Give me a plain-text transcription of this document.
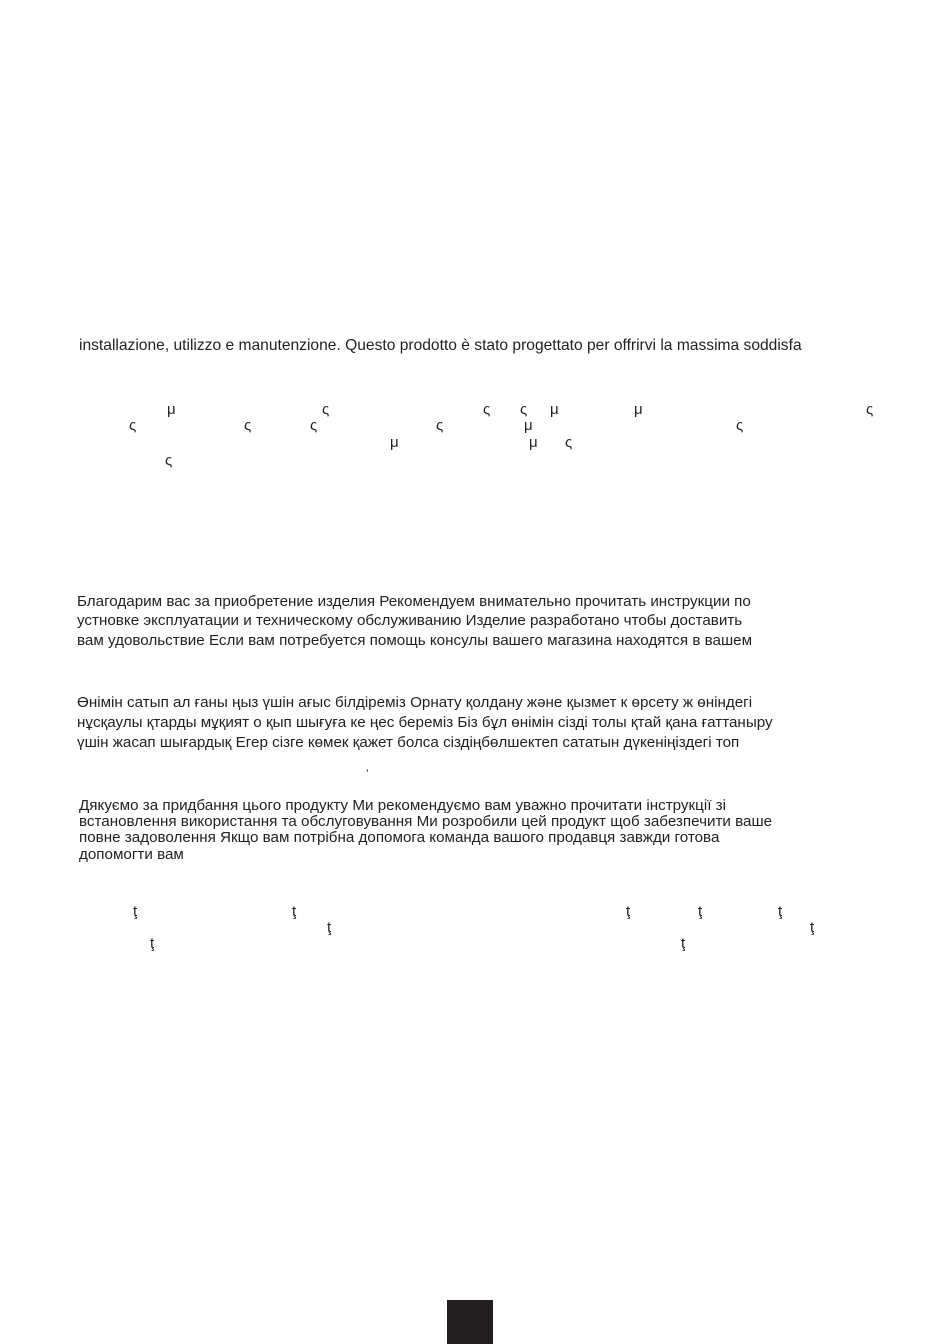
installazione, utilizzo e manutenzione. Questo prodotto è stato progettato per offrirvi la massima soddisfa
μ	ς	ς ς μ	μ	ς
ς	ς	ς	ς	μ	ς
μ	μ ς
ς
Благодарим вас за приобретение изделия Рекомендуем внимательно прочитать инструкции по
устновке эксплуатации и техническому обслуживанию Изделие разработано чтобы доставить
вам удовольствие Если вам потребуется помощь консулы вашего магазина находятся в вашем
Өнімін сатып ал ғаны ңыз үшін ағыс білдіреміз Орнату қолдану және қызмет к өрсету ж өніндегі
нұсқаулы қтарды мұқият о қып шығуға ке ңес береміз Біз бұл өнімін сізді толы қтай қана ғаттаныру
үшін жасап шығардық Егер сізге көмек қажет болса сіздіңбөлшектеп сататын дүкеніңіздегі топ
ʼ
Дякуємо за придбання цього продукту Ми рекомендуємо вам уважно прочитати інструкції зі
встановлення використання та обслуговування Ми розробили цей продукт щоб забезпечити ваше
повне задоволення Якщо вам потрібна допомога команда вашого продавця завжди готова
допомогти вам
ţ	ţ	ţ	ţ	ţ
ţ	ţ
ţ	ţ
